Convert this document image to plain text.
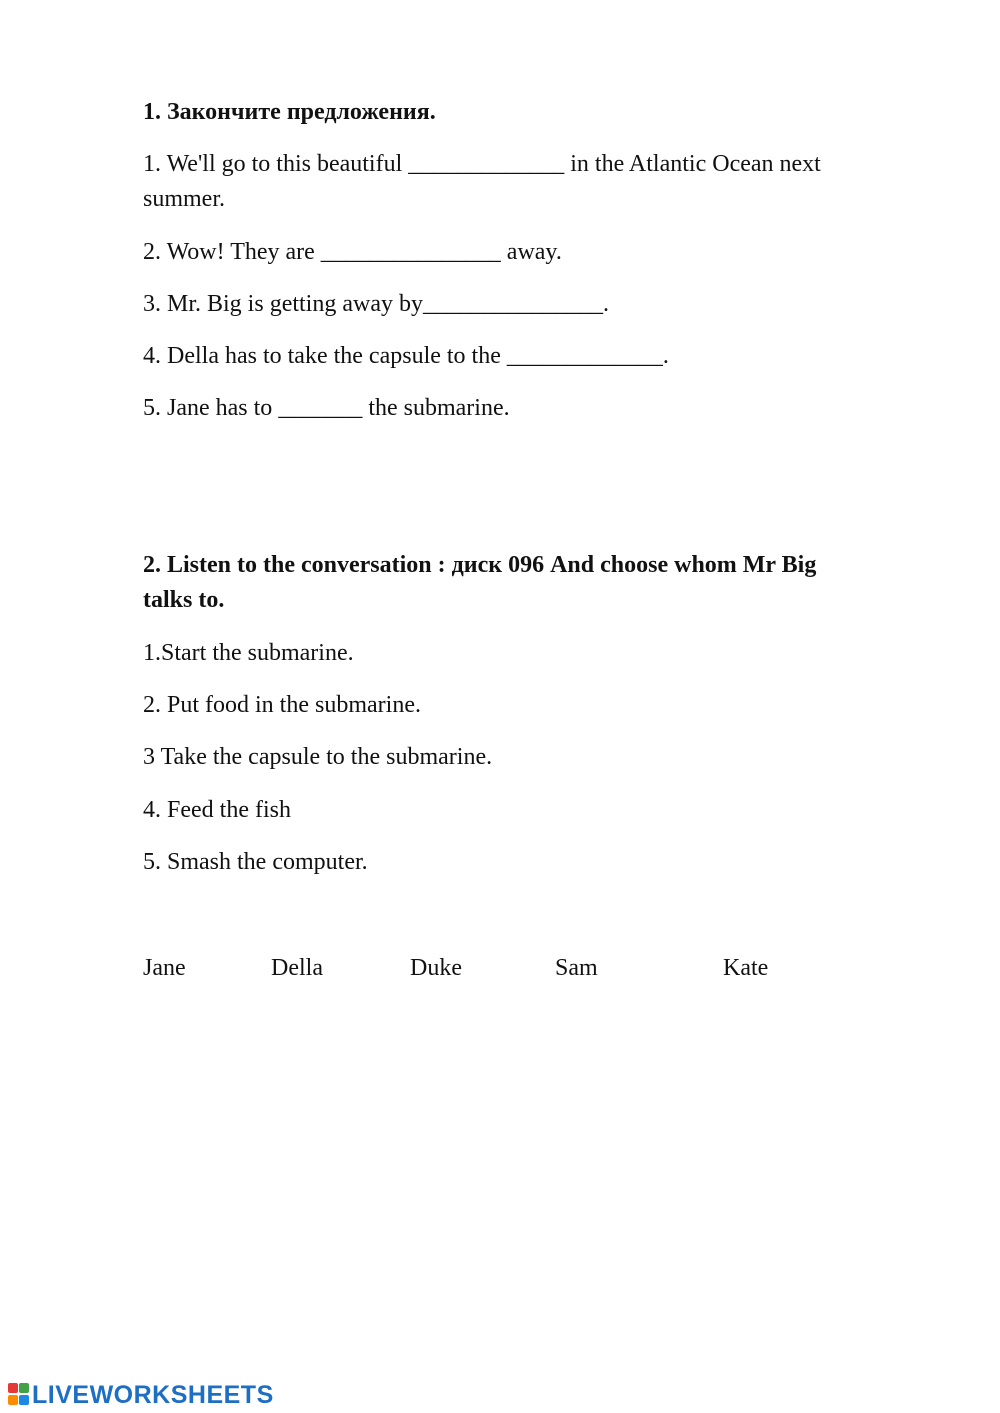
1. Закончите предложения.
1. We'll go to this beautiful _____________ in the Atlantic Ocean next
summer.
2. Wow! They are _______________ away.
3. Mr. Big is getting away by_______________.
4. Della has to take the capsule to the _____________.
5. Jane has to _______ the submarine.
2. Listen to the conversation : диск 096 And choose whom Mr Big
talks to.
1.Start the submarine.
2. Put food in the submarine.
3 Take the capsule to the submarine.
4. Feed the fish
5. Smash the computer.
Jane	Della	Duke	Sam	Kate
LIVEWORKSHEETS
